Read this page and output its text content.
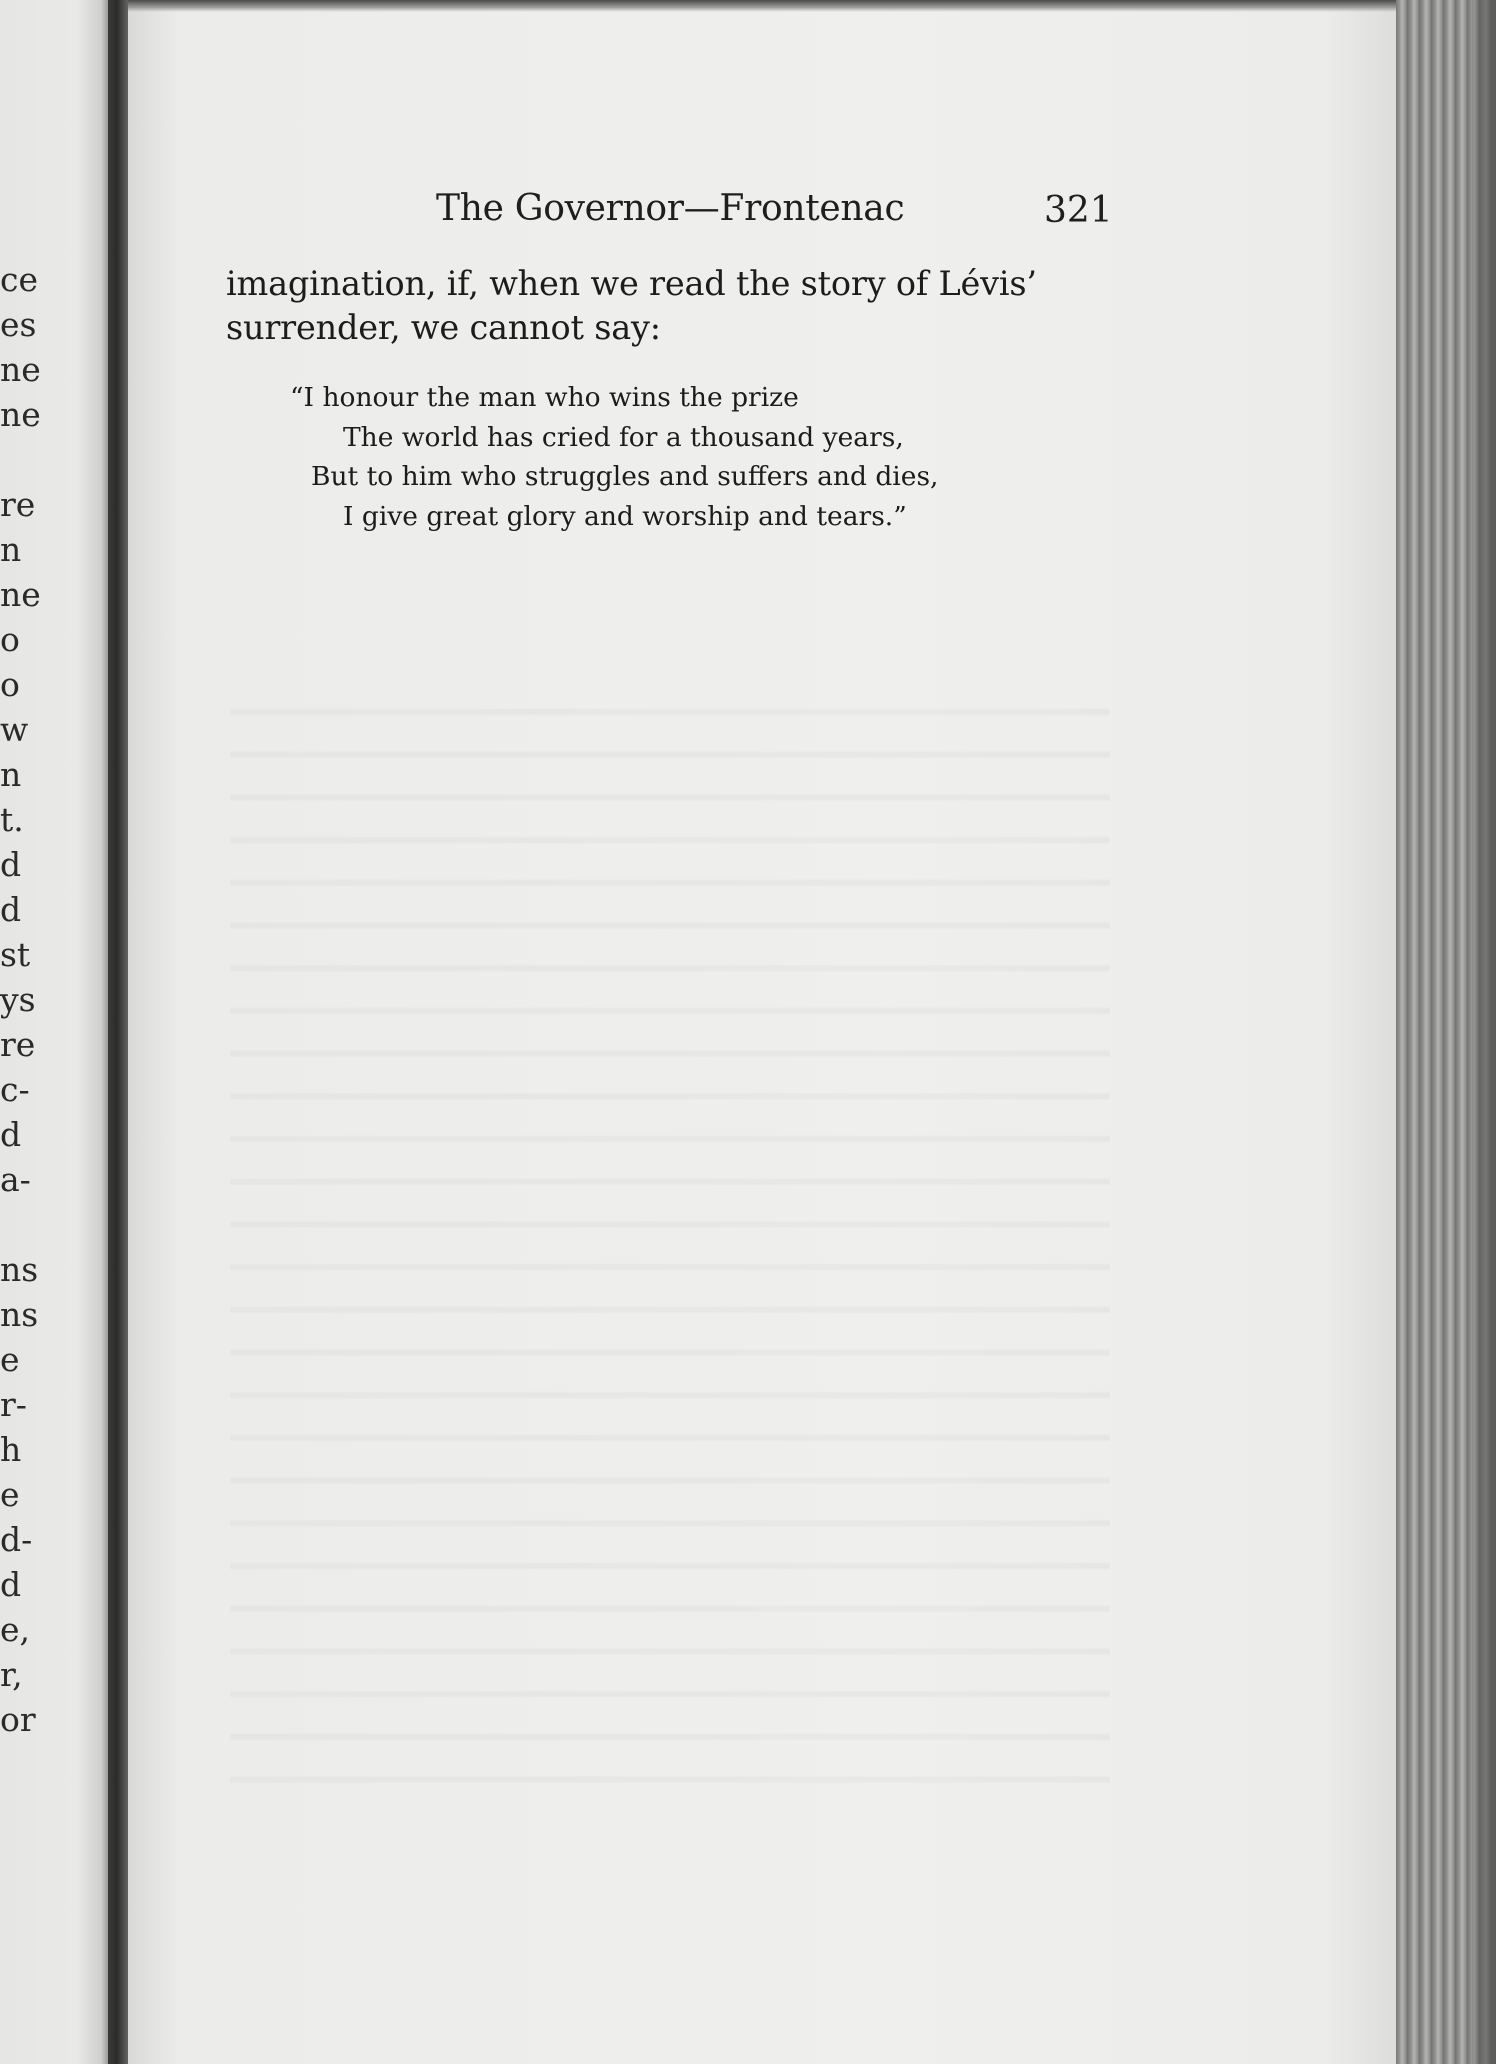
ce
es
ne
ne
re
n
ne
o
o
w
n
t.
d
d
st
ys
re
c-
d
a-
ns
ns
e
r-
h
e
d-
d
e,
r,
or
The Governor—Frontenac	321
imagination, if, when we read the story of Lévis’
surrender, we cannot say:
“I honour the man who wins the prize
The world has cried for a thousand years,
But to him who struggles and suffers and dies,
I give great glory and worship and tears.”
